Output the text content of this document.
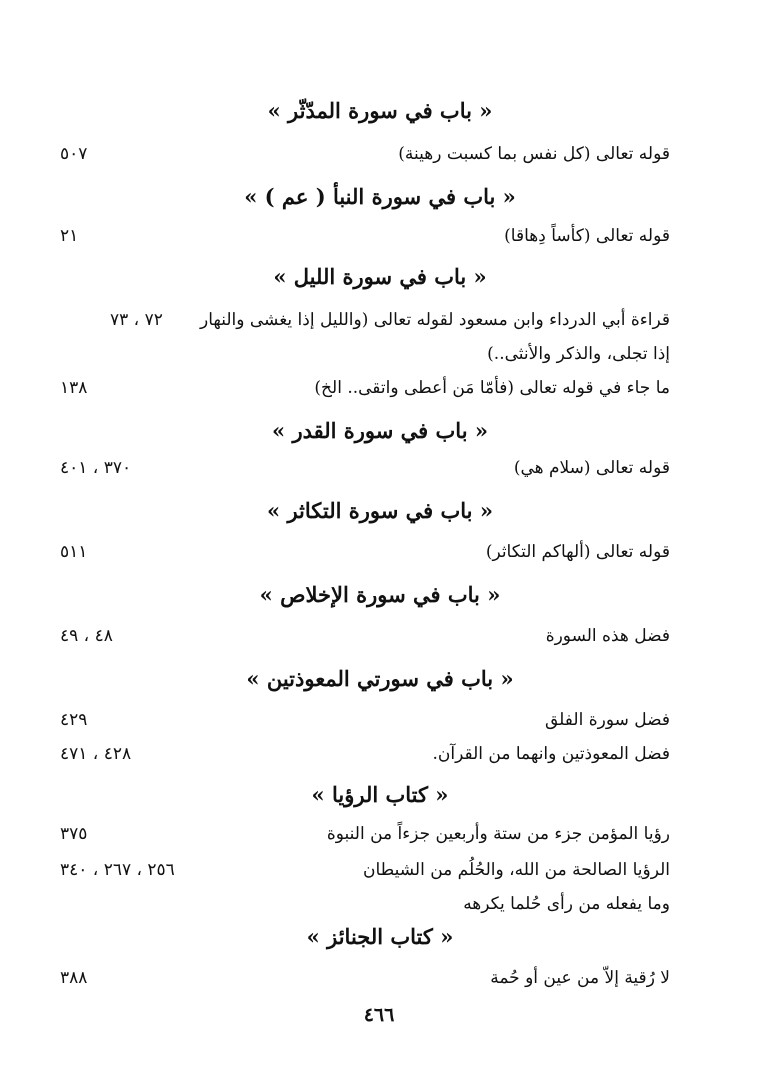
« باب في سورة المدّثّر »
قوله تعالى (كل نفس بما كسبت رهينة)
٥٠٧
« باب في سورة النبأ ( عم ) »
قوله تعالى (كأساً دِهاقا)
٢١
« باب في سورة الليل »
قراءة أبي الدرداء وابن مسعود لقوله تعالى (والليل إذا يغشى والنهار
٧٢ ، ٧٣
إذا تجلى، والذكر والأنثى..)
ما جاء في قوله تعالى (فأمّا مَن أعطى واتقى.. الخ)
١٣٨
« باب في سورة القدر »
قوله تعالى (سلام هي)
٣٧٠ ، ٤٠١
« باب في سورة التكاثر »
قوله تعالى (ألهاكم التكاثر)
٥١١
« باب في سورة الإخلاص »
فضل هذه السورة
٤٨ ، ٤٩
« باب في سورتي المعوذتين »
فضل سورة الفلق
٤٢٩
فضل المعوذتين وانهما من القرآن.
٤٢٨ ، ٤٧١
« كتاب الرؤيا »
رؤيا المؤمن جزء من ستة وأربعين جزءاً من النبوة
٣٧٥
الرؤيا الصالحة من الله، والحُلُم من الشيطان
٢٥٦ ، ٢٦٧ ، ٣٤٠
وما يفعله من رأى حُلما يكرهه
« كتاب الجنائز »
لا رُقية إلاّ من عين أو حُمة
٣٨٨
٤٦٦
